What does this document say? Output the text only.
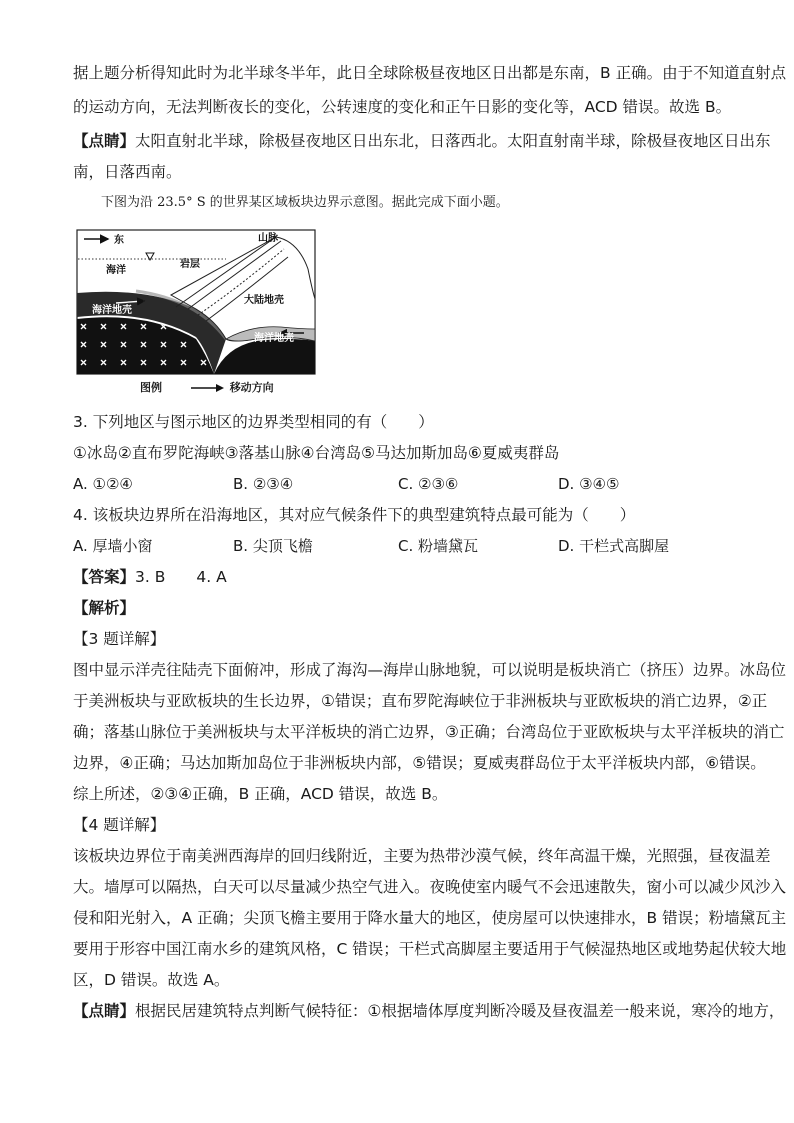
据上题分析得知此时为北半球冬半年，此日全球除极昼夜地区日出都是东南，B 正确。由于不知道直射点
的运动方向，无法判断夜长的变化，公转速度的变化和正午日影的变化等，ACD 错误。故选 B。
【点睛】太阳直射北半球，除极昼夜地区日出东北，日落西北。太阳直射南半球，除极昼夜地区日出东
南，日落西南。
下图为沿 23.5° S 的世界某区域板块边界示意图。据此完成下面小题。
东	山脉
岩层
海洋
大陆地壳
海洋地壳
海洋地壳
图例	移动方向
3. 下列地区与图示地区的边界类型相同的有（　　）
①冰岛②直布罗陀海峡③落基山脉④台湾岛⑤马达加斯加岛⑥夏威夷群岛
A. ①②④	B. ②③④	C. ②③⑥	D. ③④⑤
4. 该板块边界所在沿海地区，其对应气候条件下的典型建筑特点最可能为（　　）
A. 厚墙小窗	B. 尖顶飞檐	C. 粉墙黛瓦	D. 干栏式高脚屋
【答案】3. B　　4. A
【解析】
【3 题详解】
图中显示洋壳往陆壳下面俯冲，形成了海沟—海岸山脉地貌，可以说明是板块消亡（挤压）边界。冰岛位
于美洲板块与亚欧板块的生长边界，①错误；直布罗陀海峡位于非洲板块与亚欧板块的消亡边界，②正
确；落基山脉位于美洲板块与太平洋板块的消亡边界，③正确；台湾岛位于亚欧板块与太平洋板块的消亡
边界，④正确；马达加斯加岛位于非洲板块内部，⑤错误；夏威夷群岛位于太平洋板块内部，⑥错误。
综上所述，②③④正确，B 正确，ACD 错误，故选 B。
【4 题详解】
该板块边界位于南美洲西海岸的回归线附近，主要为热带沙漠气候，终年高温干燥，光照强，昼夜温差
大。墙厚可以隔热，白天可以尽量减少热空气进入。夜晚使室内暖气不会迅速散失，窗小可以减少风沙入
侵和阳光射入，A 正确；尖顶飞檐主要用于降水量大的地区，使房屋可以快速排水，B 错误；粉墙黛瓦主
要用于形容中国江南水乡的建筑风格，C 错误；干栏式高脚屋主要适用于气候湿热地区或地势起伏较大地
区，D 错误。故选 A。
【点睛】根据民居建筑特点判断气候特征：①根据墙体厚度判断冷暖及昼夜温差一般来说，寒冷的地方，
